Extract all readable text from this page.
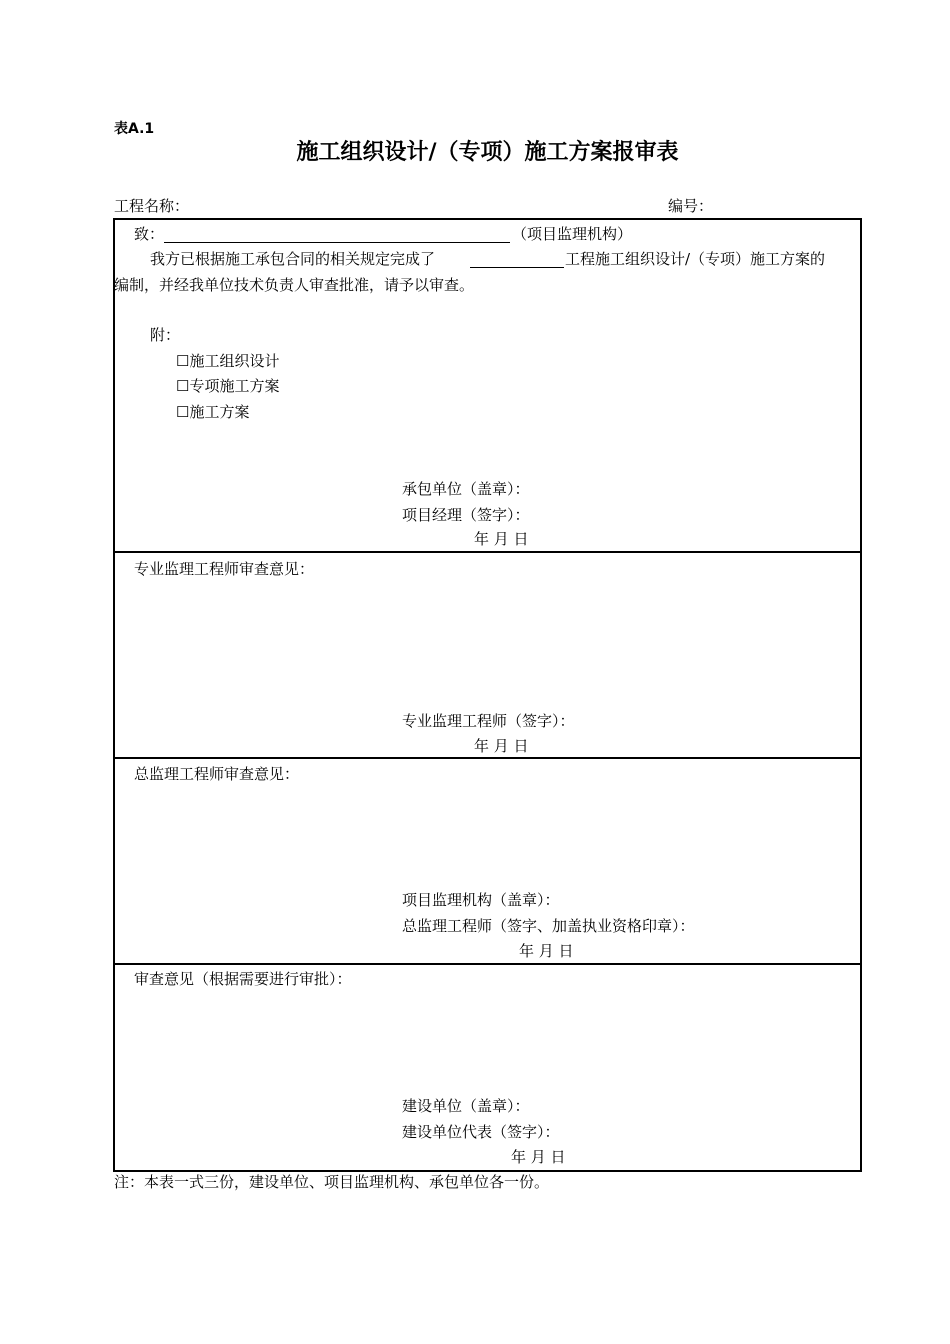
表A.1
施工组织设计/（专项）施工方案报审表
工程名称：	编号：
致：	（项目监理机构）
我方已根据施工承包合同的相关规定完成了	工程施工组织设计/（专项）施工方案的
编制，并经我单位技术负责人审查批准，请予以审查。
附：
☐施工组织设计
☐专项施工方案
☐施工方案
承包单位（盖章）：
项目经理（签字）：
年 月 日
专业监理工程师审查意见：
专业监理工程师（签字）：
年 月 日
总监理工程师审查意见：
项目监理机构（盖章）：
总监理工程师（签字、加盖执业资格印章）：
年 月 日
审查意见（根据需要进行审批）：
建设单位（盖章）：
建设单位代表（签字）：
年 月 日
注：本表一式三份，建设单位、项目监理机构、承包单位各一份。
